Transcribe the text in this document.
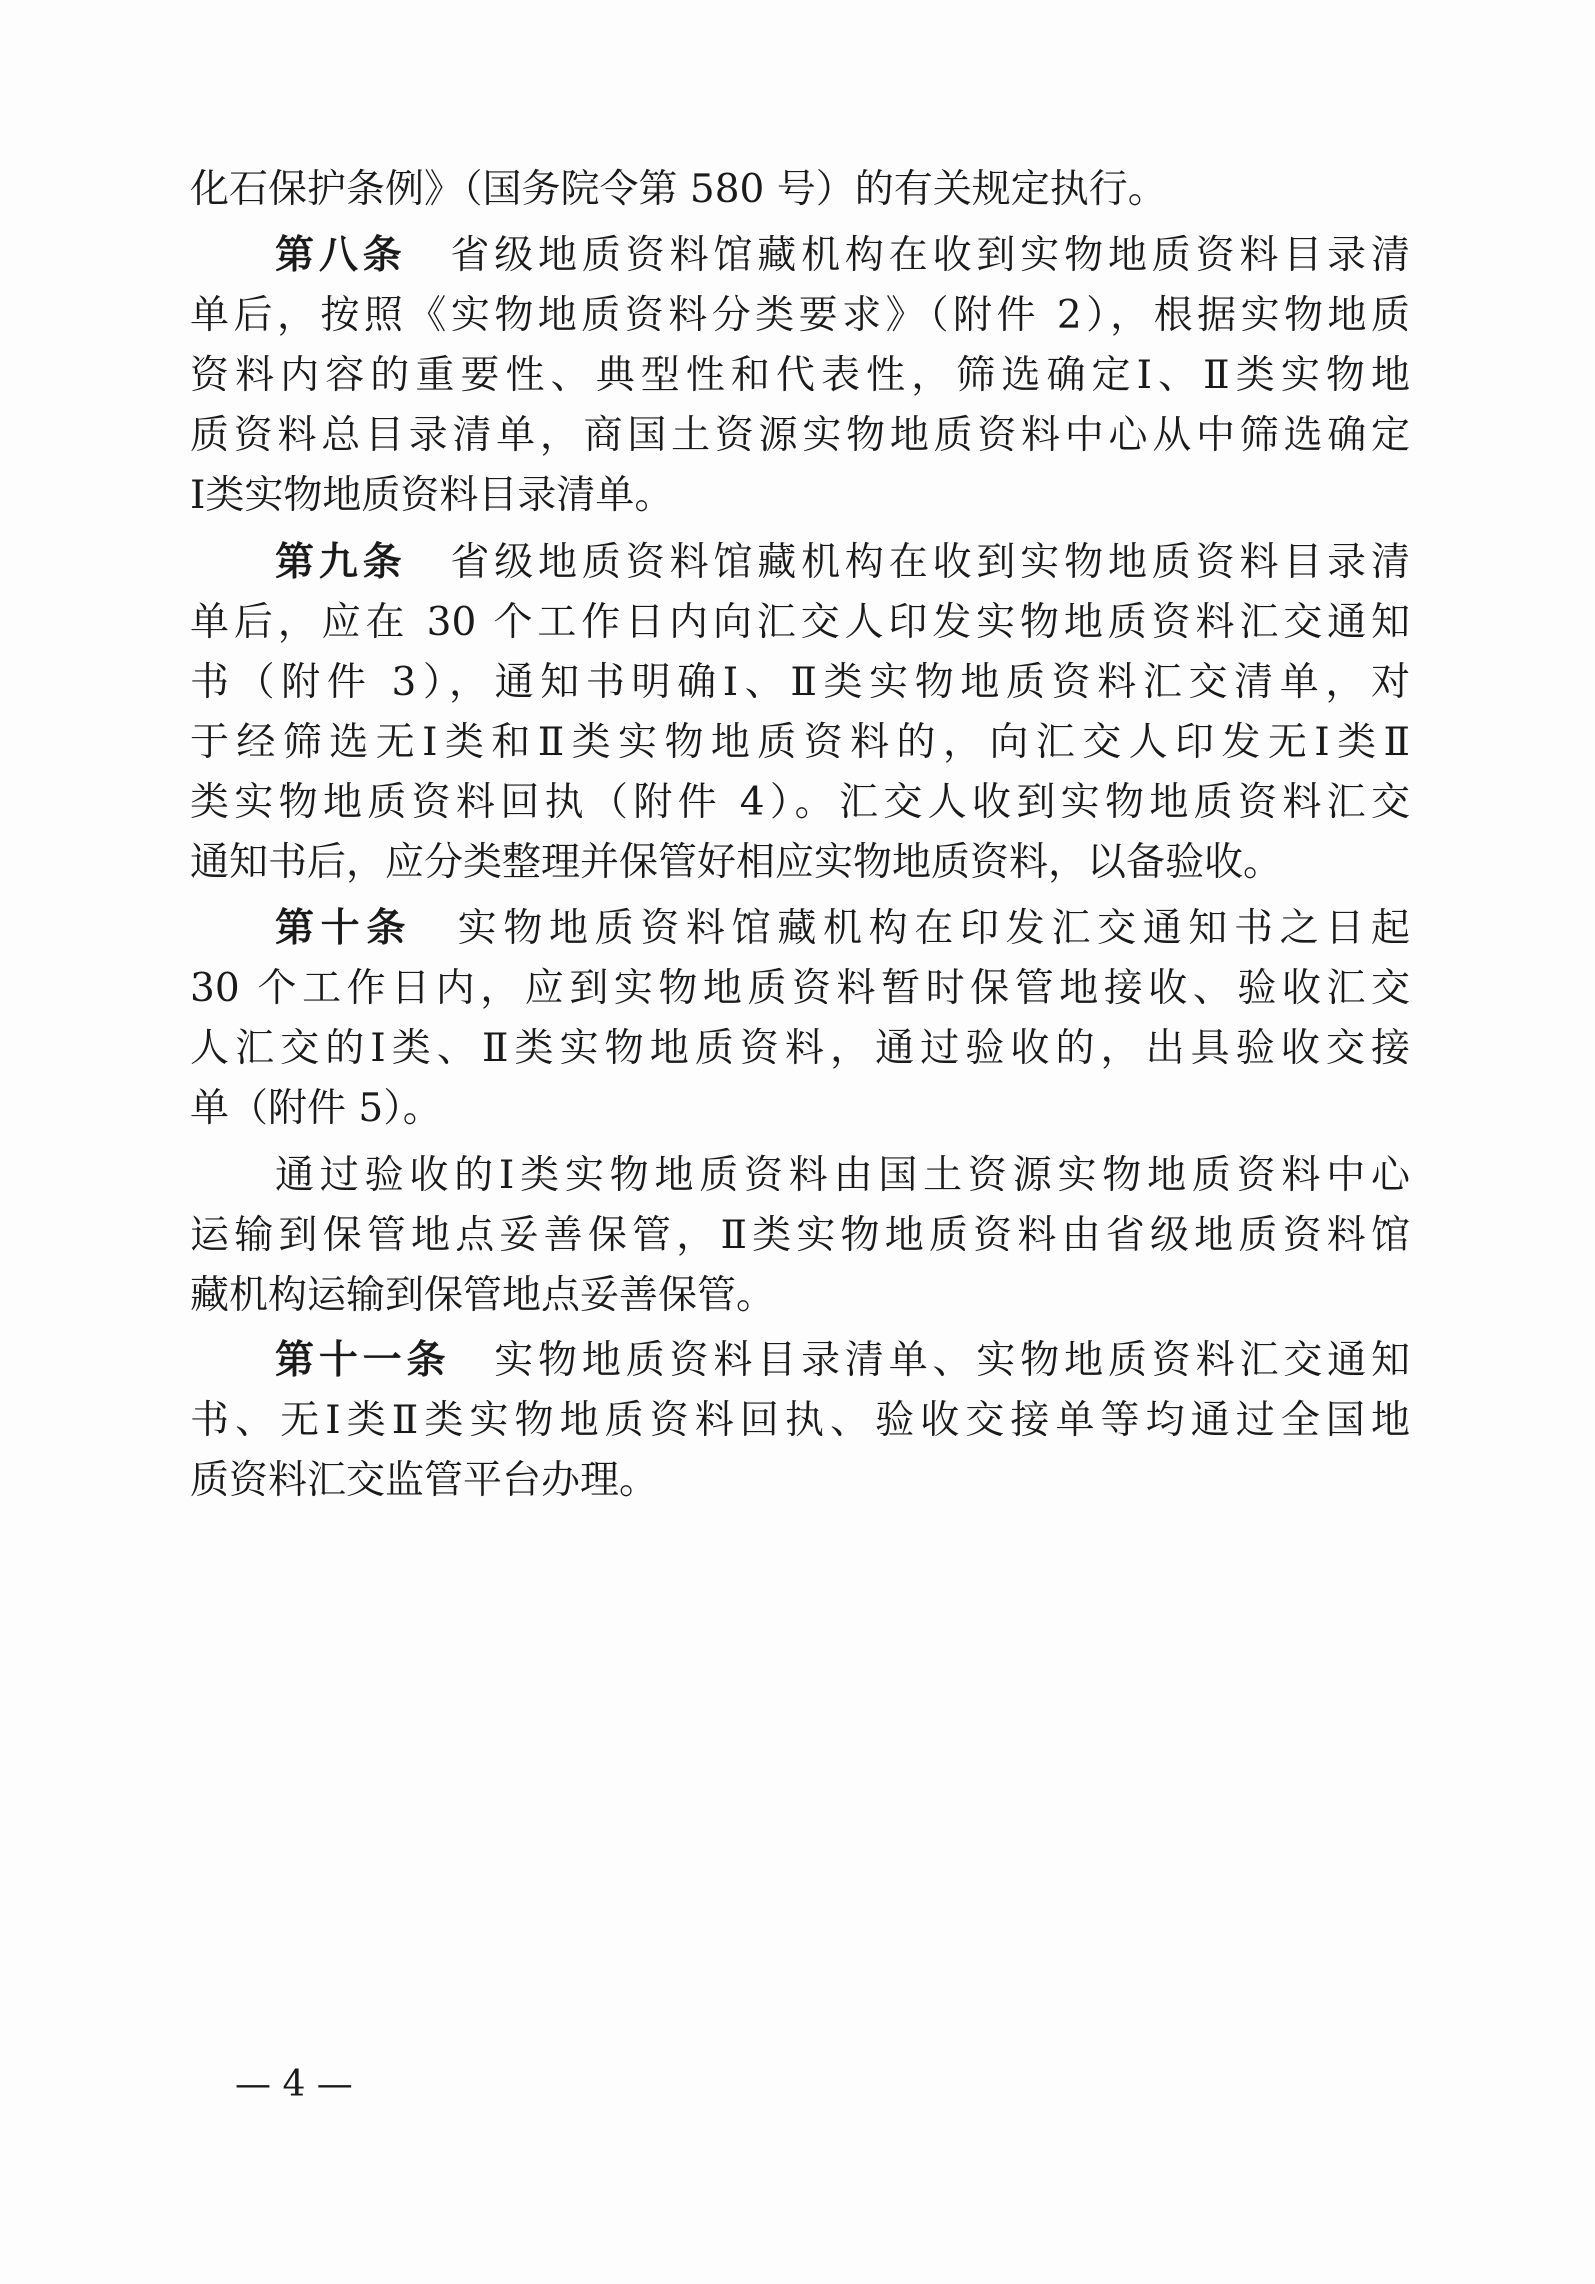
化石保护条例》（国务院令第 580 号）的有关规定执行。
第八条　省级地质资料馆藏机构在收到实物地质资料目录清
单后，按照《实物地质资料分类要求》（附件 2），根据实物地质
资料内容的重要性、典型性和代表性，筛选确定Ⅰ、Ⅱ类实物地
质资料总目录清单，商国土资源实物地质资料中心从中筛选确定
Ⅰ类实物地质资料目录清单。
第九条　省级地质资料馆藏机构在收到实物地质资料目录清
单后，应在 30 个工作日内向汇交人印发实物地质资料汇交通知
书（附件 3），通知书明确Ⅰ、Ⅱ类实物地质资料汇交清单，对
于经筛选无Ⅰ类和Ⅱ类实物地质资料的，向汇交人印发无Ⅰ类Ⅱ
类实物地质资料回执（附件 4）。汇交人收到实物地质资料汇交
通知书后，应分类整理并保管好相应实物地质资料，以备验收。
第十条　实物地质资料馆藏机构在印发汇交通知书之日起
30 个工作日内，应到实物地质资料暂时保管地接收、验收汇交
人汇交的Ⅰ类、Ⅱ类实物地质资料，通过验收的，出具验收交接
单（附件 5）。
通过验收的Ⅰ类实物地质资料由国土资源实物地质资料中心
运输到保管地点妥善保管，Ⅱ类实物地质资料由省级地质资料馆
藏机构运输到保管地点妥善保管。
第十一条　实物地质资料目录清单、实物地质资料汇交通知
书、无Ⅰ类Ⅱ类实物地质资料回执、验收交接单等均通过全国地
质资料汇交监管平台办理。
— 4 —
